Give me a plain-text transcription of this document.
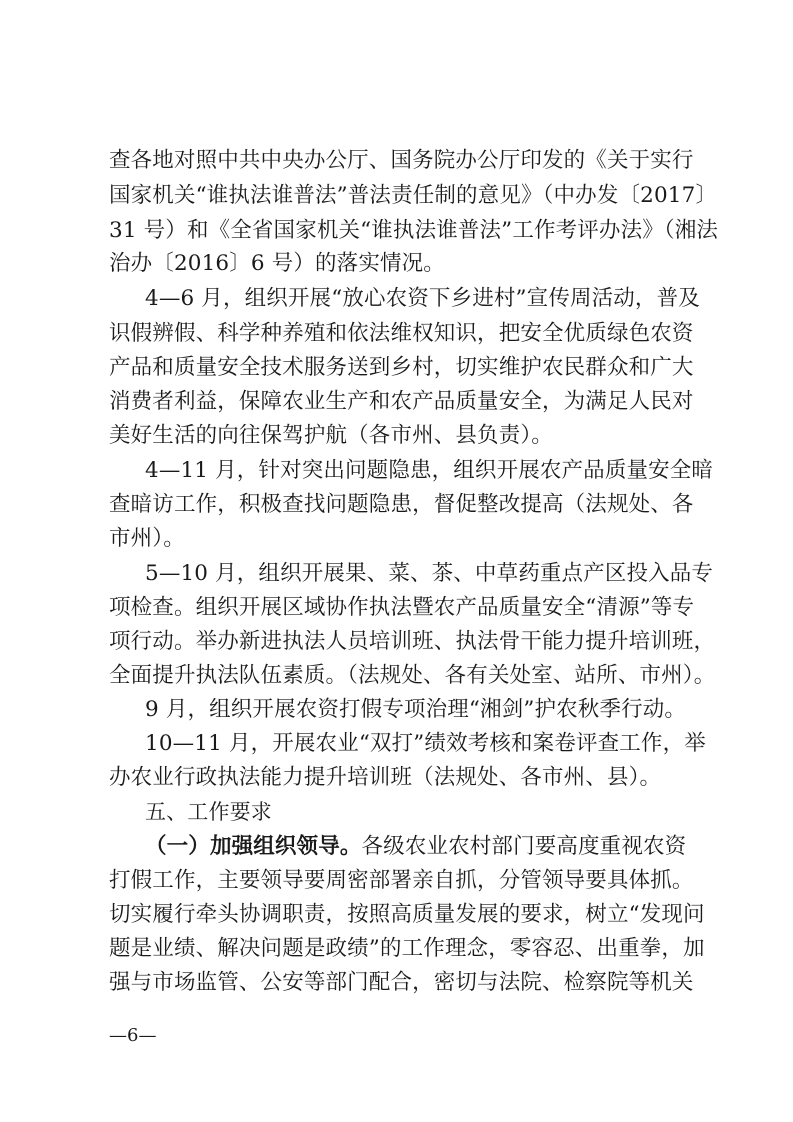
查各地对照中共中央办公厅、国务院办公厅印发的《关于实行
国家机关“谁执法谁普法”普法责任制的意见》（中办发〔2017〕
31 号）和《全省国家机关“谁执法谁普法”工作考评办法》（湘法
治办〔2016〕6 号）的落实情况。
4—6 月，组织开展“放心农资下乡进村”宣传周活动，普及
识假辨假、科学种养殖和依法维权知识，把安全优质绿色农资
产品和质量安全技术服务送到乡村，切实维护农民群众和广大
消费者利益，保障农业生产和农产品质量安全，为满足人民对
美好生活的向往保驾护航（各市州、县负责）。
4—11 月，针对突出问题隐患，组织开展农产品质量安全暗
查暗访工作，积极查找问题隐患，督促整改提高（法规处、各
市州）。
5—10 月，组织开展果、菜、茶、中草药重点产区投入品专
项检查。组织开展区域协作执法暨农产品质量安全“清源”等专
项行动。举办新进执法人员培训班、执法骨干能力提升培训班，
全面提升执法队伍素质。（法规处、各有关处室、站所、市州）。
9 月，组织开展农资打假专项治理“湘剑”护农秋季行动。
10—11 月，开展农业“双打”绩效考核和案卷评查工作，举
办农业行政执法能力提升培训班（法规处、各市州、县）。
五、工作要求
（一）加强组织领导。各级农业农村部门要高度重视农资
打假工作，主要领导要周密部署亲自抓，分管领导要具体抓。
切实履行牵头协调职责，按照高质量发展的要求，树立“发现问
题是业绩、解决问题是政绩”的工作理念，零容忍、出重拳，加
强与市场监管、公安等部门配合，密切与法院、检察院等机关
—6—
